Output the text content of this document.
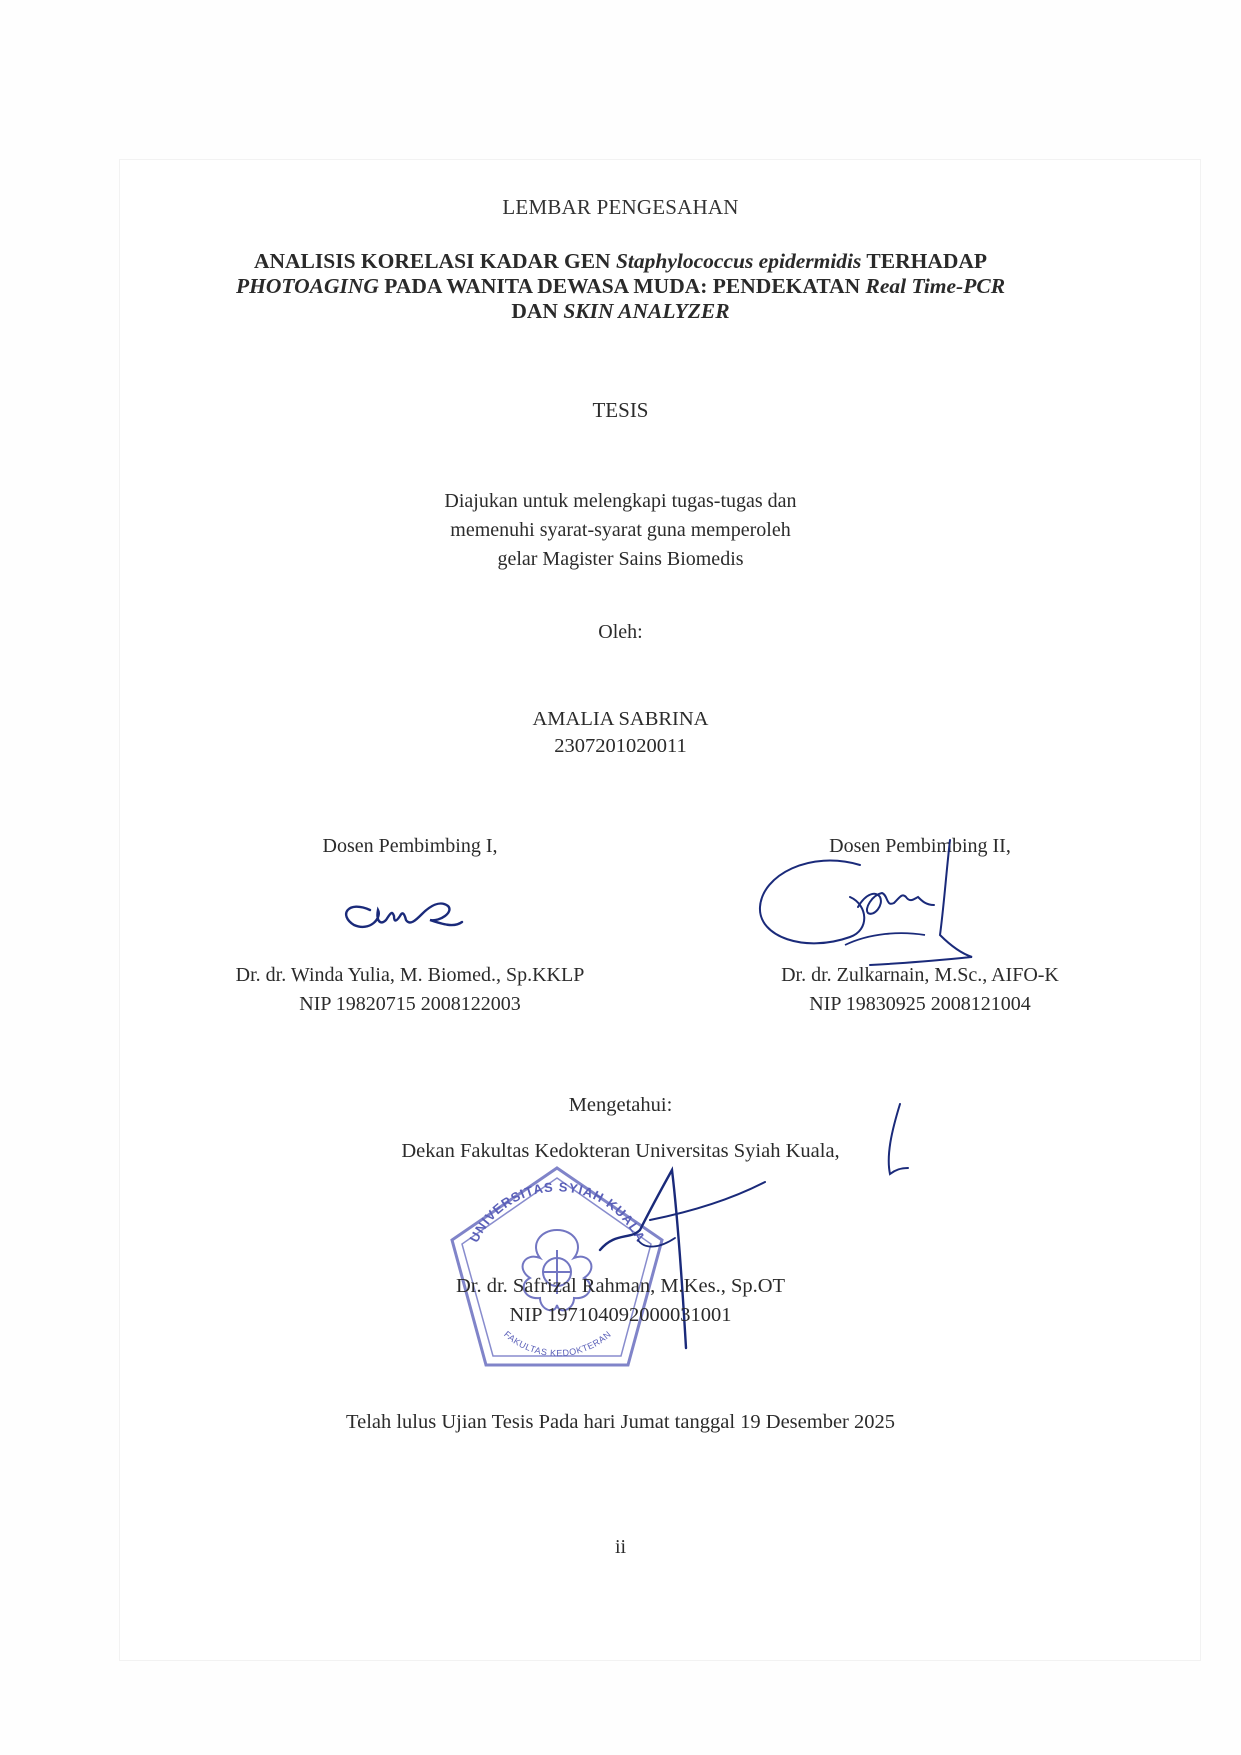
LEMBAR PENGESAHAN
ANALISIS KORELASI KADAR GEN Staphylococcus epidermidis TERHADAP
PHOTOAGING PADA WANITA DEWASA MUDA: PENDEKATAN Real Time-PCR
DAN SKIN ANALYZER
TESIS
Diajukan untuk melengkapi tugas-tugas dan
memenuhi syarat-syarat guna memperoleh
gelar Magister Sains Biomedis
Oleh:
AMALIA SABRINA
2307201020011
Dosen Pembimbing I,	Dosen Pembimbing II,
Dr. dr. Winda Yulia, M. Biomed., Sp.KKLP
NIP 19820715 2008122003
Dr. dr. Zulkarnain, M.Sc., AIFO-K
NIP 19830925 2008121004
Mengetahui:
Dekan Fakultas Kedokteran Universitas Syiah Kuala,
UNIVERSITAS SYIAH KUALA
FAKULTAS KEDOKTERAN
Dr. dr. Safrizal Rahman, M.Kes., Sp.OT
NIP 197104092000031001
Telah lulus Ujian Tesis Pada hari Jumat tanggal 19 Desember 2025
ii
